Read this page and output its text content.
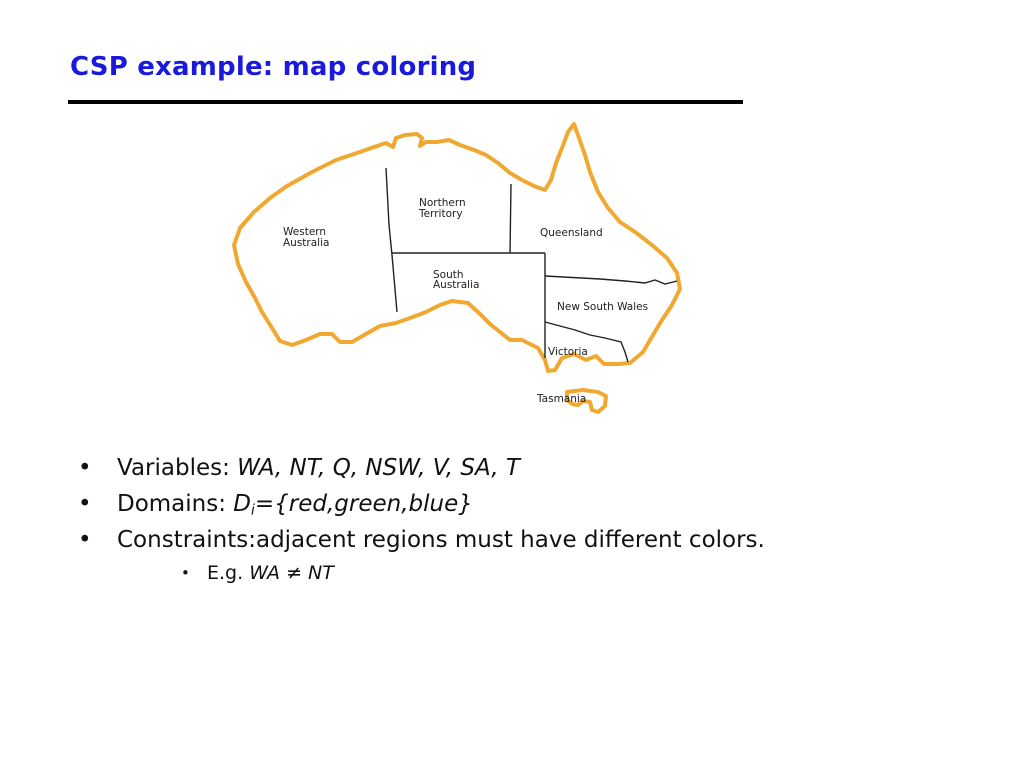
CSP example: map coloring
Western
Australia
Northern
Territory
Queensland
South
Australia
New South Wales
Victoria
Tasmania
• Variables: WA, NT, Q, NSW, V, SA, T
• Domains: $D_i=\{red,green,blue\}$
• Constraints:adjacent regions must have different colors.
• E.g. WA ≠ NT
